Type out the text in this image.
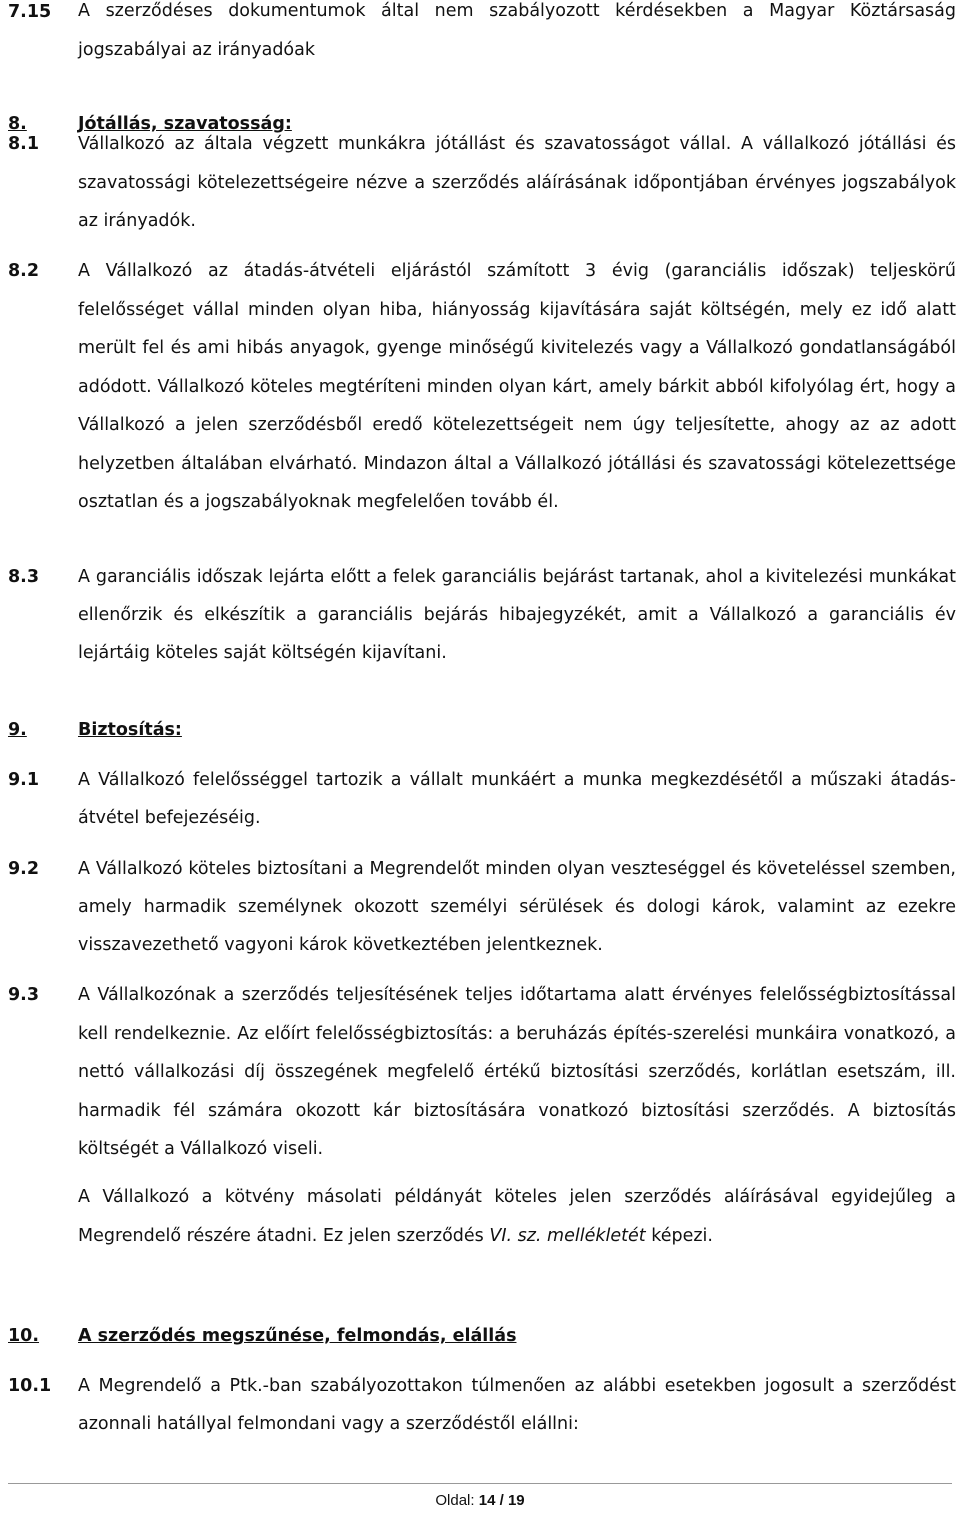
7.15 A szerződéses dokumentumok által nem szabályozott kérdésekben a Magyar Köztársaság jogszabályai az irányadóak
8.	Jótállás, szavatosság:
8.1 Vállalkozó az általa végzett munkákra jótállást és szavatosságot vállal. A vállalkozó jótállási és szavatossági kötelezettségeire nézve a szerződés aláírásának időpontjában érvényes jogszabályok az irányadók.
8.2 A Vállalkozó az átadás-átvételi eljárástól számított 3 évig (garanciális időszak) teljeskörű felelősséget vállal minden olyan hiba, hiányosság kijavítására saját költségén, mely ez idő alatt merült fel és ami hibás anyagok, gyenge minőségű kivitelezés vagy a Vállalkozó gondatlanságából adódott. Vállalkozó köteles megtéríteni minden olyan kárt, amely bárkit abból kifolyólag ért, hogy a Vállalkozó a jelen szerződésből eredő kötelezettségeit nem úgy teljesítette, ahogy az az adott helyzetben általában elvárható. Mindazon által a Vállalkozó jótállási és szavatossági kötelezettsége osztatlan és a jogszabályoknak megfelelően tovább él.
8.3 A garanciális időszak lejárta előtt a felek garanciális bejárást tartanak, ahol a kivitelezési munkákat ellenőrzik és elkészítik a garanciális bejárás hibajegyzékét, amit a Vállalkozó a garanciális év lejártáig köteles saját költségén kijavítani.
9.	Biztosítás:
9.1 A Vállalkozó felelősséggel tartozik a vállalt munkáért a munka megkezdésétől a műszaki átadás-átvétel befejezéséig.
9.2 A Vállalkozó köteles biztosítani a Megrendelőt minden olyan veszteséggel és követeléssel szemben, amely harmadik személynek okozott személyi sérülések és dologi károk, valamint az ezekre visszavezethető vagyoni károk következtében jelentkeznek.
9.3 A Vállalkozónak a szerződés teljesítésének teljes időtartama alatt érvényes felelősségbiztosítással kell rendelkeznie. Az előírt felelősségbiztosítás: a beruházás építés-szerelési munkáira vonatkozó, a nettó vállalkozási díj összegének megfelelő értékű biztosítási szerződés, korlátlan esetszám, ill. harmadik fél számára okozott kár biztosítására vonatkozó biztosítási szerződés. A biztosítás költségét a Vállalkozó viseli.
A Vállalkozó a kötvény másolati példányát köteles jelen szerződés aláírásával egyidejűleg a Megrendelő részére átadni. Ez jelen szerződés VI. sz. mellékletét képezi.
10. A szerződés megszűnése, felmondás, elállás
10.1 A Megrendelő a Ptk.-ban szabályozottakon túlmenően az alábbi esetekben jogosult a szerződést azonnali hatállyal felmondani vagy a szerződéstől elállni:
Oldal: 14 / 19
